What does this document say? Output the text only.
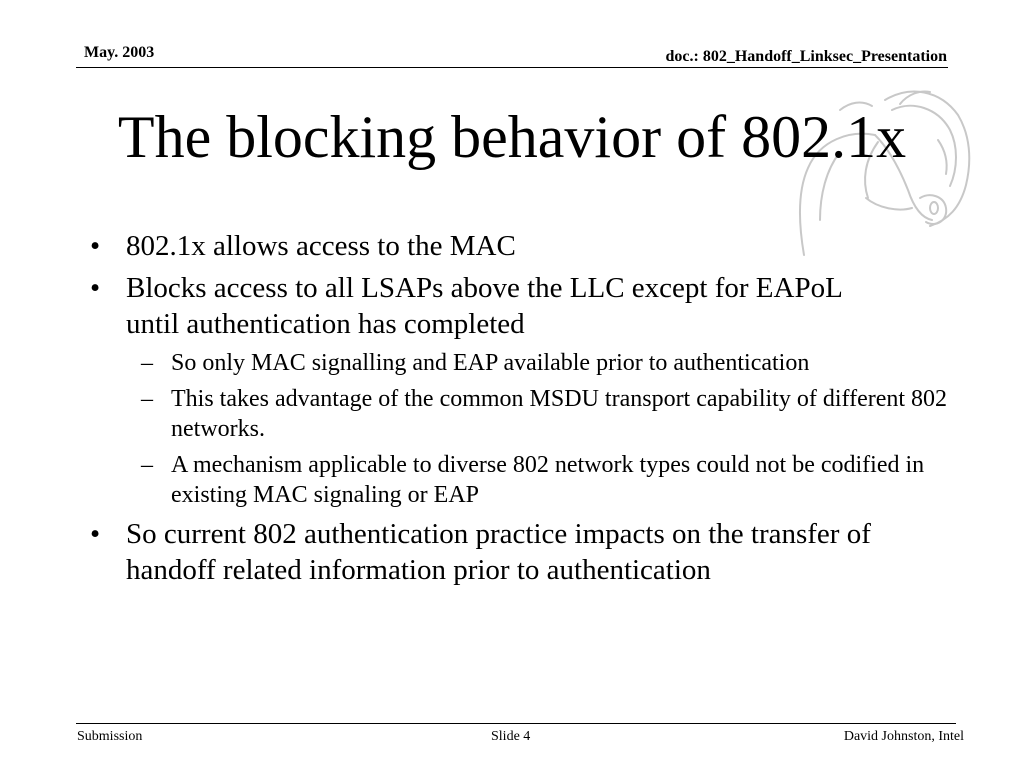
May. 2003	doc.: 802_Handoff_Linksec_Presentation
The blocking behavior of 802.1x
• 802.1x allows access to the MAC
• Blocks access to all LSAPs above the LLC except for EAPoL until authentication has completed
– So only MAC signalling and EAP available prior to authentication
– This takes advantage of the common MSDU transport capability of different 802 networks.
– A mechanism applicable to diverse 802 network types could not be codified in existing MAC signaling or EAP
• So current 802 authentication practice impacts on the transfer of handoff related information prior to authentication
Submission	Slide 4	David Johnston, Intel
